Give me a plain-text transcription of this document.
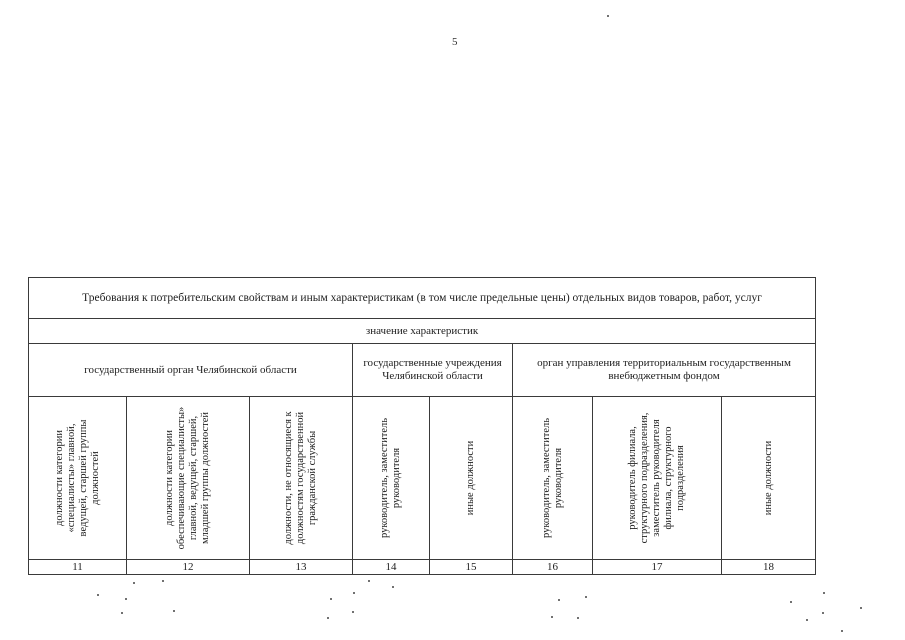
5
Требования к потребительским свойствам и иным характеристикам (в том числе предельные цены) отдельных видов товаров, работ, услуг							
значение характеристик							
государственный орган Челябинской области			государственные учреждения Челябинской области		орган управления территориальным государственным внебюджетным фондом		

должности категории «специалисты» главной, ведущей, старшей группы должностей	должности категории обеспечивающие специалисты» главной, ведущей, старшей, младшей группы должностей	должности, не относящиеся к должностям государственной гражданской службы	руководитель, заместитель руководителя	иные должности	руководитель, заместитель руководителя	руководитель филиала, структурного подразделения, заместитель руководителя филиала, структурного подразделения	иные должности

11	12	13	14	15	16	17	18
